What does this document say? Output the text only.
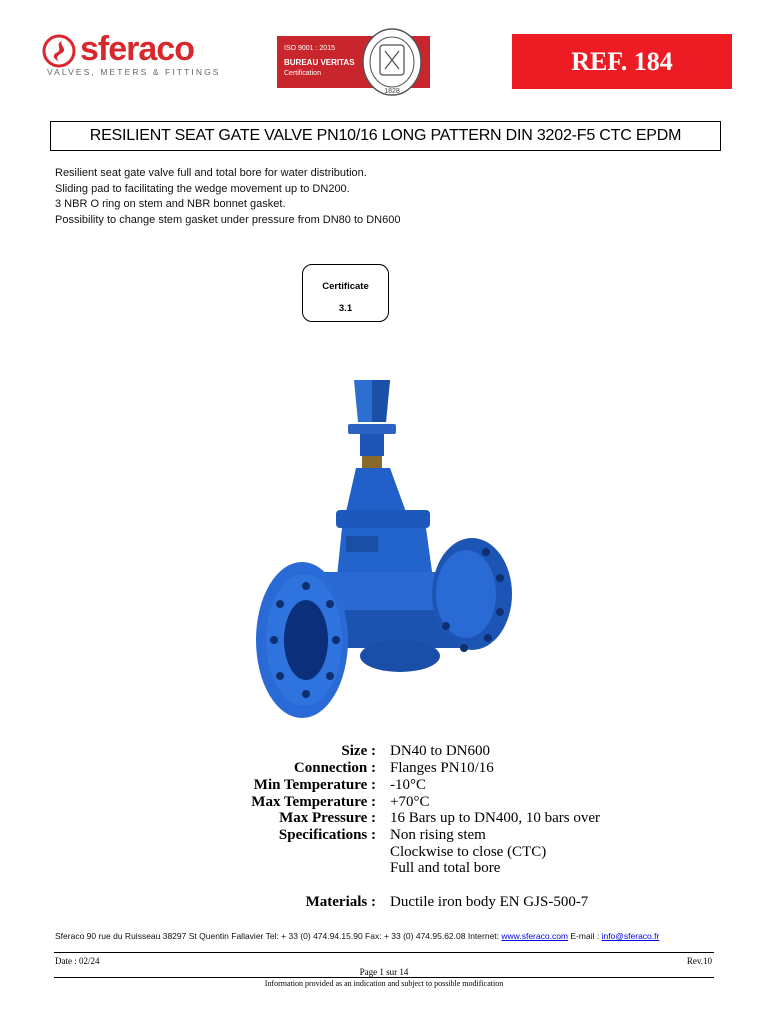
sferaco
VALVES, METERS & FITTINGS
ISO 9001 : 2015
BUREAU VERITAS
Certification
1828
REF. 184
RESILIENT SEAT GATE VALVE PN10/16 LONG PATTERN DIN 3202-F5 CTC EPDM
Resilient seat gate valve full and total bore for water distribution.
Sliding pad to facilitating the wedge movement up to DN200.
3 NBR O ring on stem and NBR bonnet gasket.
Possibility to change stem gasket under pressure from DN80 to DN600
Certificate
3.1
Size : DN40 to DN600
Connection : Flanges PN10/16
Min Temperature : -10°C
Max Temperature : +70°C
Max Pressure : 16 Bars up to DN400, 10 bars over
Specifications : Non rising stem
Clockwise to close (CTC)
Full and total bore
Materials : Ductile iron body EN GJS-500-7
Sferaco 90 rue du Ruisseau 38297 St Quentin Fallavier Tel: + 33 (0) 474.94.15.90 Fax: + 33 (0) 474.95.62.08 Internet: www.sferaco.com E-mail : info@sferaco.fr
Date : 02/24	Rev.10
Page 1 sur 14
Information provided as an indication and subject to possible modification
